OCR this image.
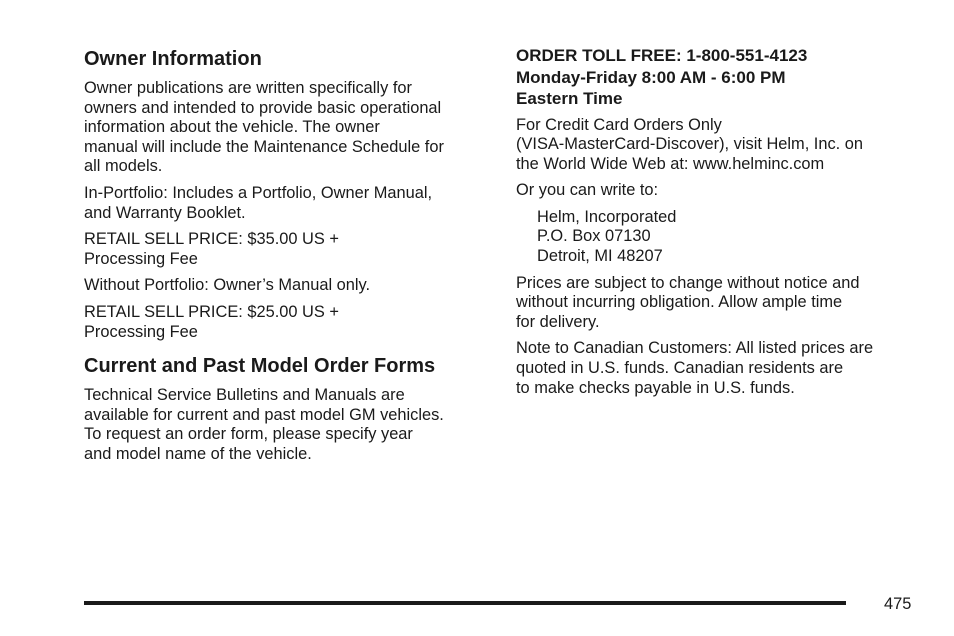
Owner Information

Owner publications are written specifically for
owners and intended to provide basic operational
information about the vehicle. The owner
manual will include the Maintenance Schedule for
all models.

In-Portfolio: Includes a Portfolio, Owner Manual,
and Warranty Booklet.

RETAIL SELL PRICE: $35.00 US +
Processing Fee

Without Portfolio: Owner’s Manual only.

RETAIL SELL PRICE: $25.00 US +
Processing Fee

Current and Past Model Order Forms

Technical Service Bulletins and Manuals are
available for current and past model GM vehicles.
To request an order form, please specify year
and model name of the vehicle.

ORDER TOLL FREE: 1-800-551-4123
Monday-Friday 8:00 AM - 6:00 PM
Eastern Time

For Credit Card Orders Only
(VISA-MasterCard-Discover), visit Helm, Inc. on
the World Wide Web at: www.helminc.com

Or you can write to:

Helm, Incorporated
P.O. Box 07130
Detroit, MI 48207

Prices are subject to change without notice and
without incurring obligation. Allow ample time
for delivery.

Note to Canadian Customers: All listed prices are
quoted in U.S. funds. Canadian residents are
to make checks payable in U.S. funds.

475
